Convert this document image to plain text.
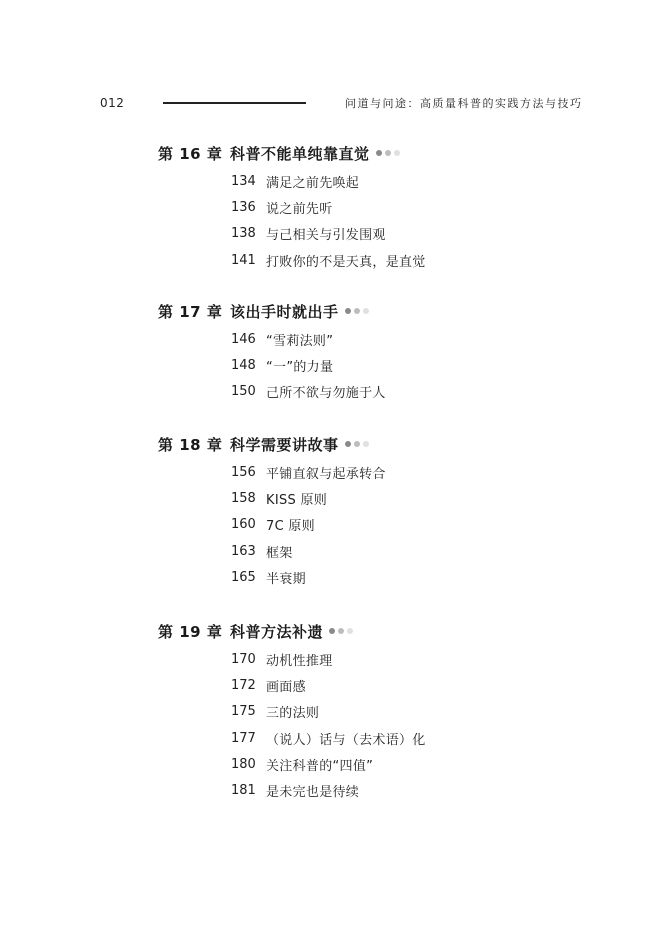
012	问道与问途：高质量科普的实践方法与技巧
第 16 章 科普不能单纯靠直觉
134 满足之前先唤起
136 说之前先听
138 与己相关与引发围观
141 打败你的不是天真，是直觉
第 17 章 该出手时就出手
146 “雪莉法则”
148 “一”的力量
150 己所不欲与勿施于人
第 18 章 科学需要讲故事
156 平铺直叙与起承转合
158 KISS 原则
160 7C 原则
163 框架
165 半衰期
第 19 章 科普方法补遗
170 动机性推理
172 画面感
175 三的法则
177 （说人）话与（去术语）化
180 关注科普的“四值”
181 是未完也是待续
